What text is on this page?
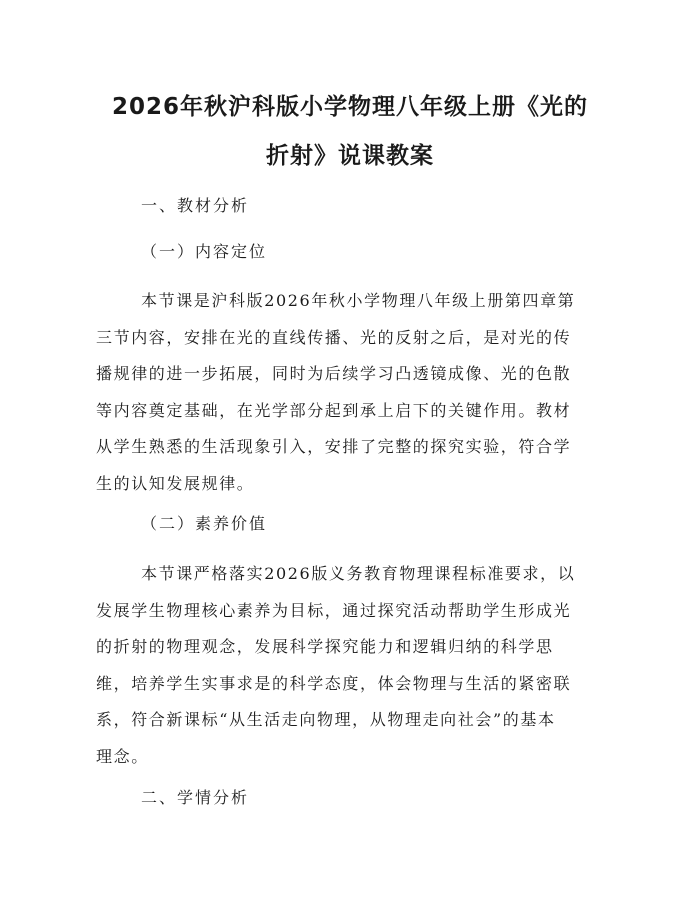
2026年秋沪科版小学物理八年级上册《光的
折射》说课教案
一、教材分析
（一）内容定位
本节课是沪科版2026年秋小学物理八年级上册第四章第
三节内容，安排在光的直线传播、光的反射之后，是对光的传
播规律的进一步拓展，同时为后续学习凸透镜成像、光的色散
等内容奠定基础，在光学部分起到承上启下的关键作用。教材
从学生熟悉的生活现象引入，安排了完整的探究实验，符合学
生的认知发展规律。
（二）素养价值
本节课严格落实2026版义务教育物理课程标准要求，以
发展学生物理核心素养为目标，通过探究活动帮助学生形成光
的折射的物理观念，发展科学探究能力和逻辑归纳的科学思
维，培养学生实事求是的科学态度，体会物理与生活的紧密联
系，符合新课标“从生活走向物理，从物理走向社会”的基本
理念。
二、学情分析
